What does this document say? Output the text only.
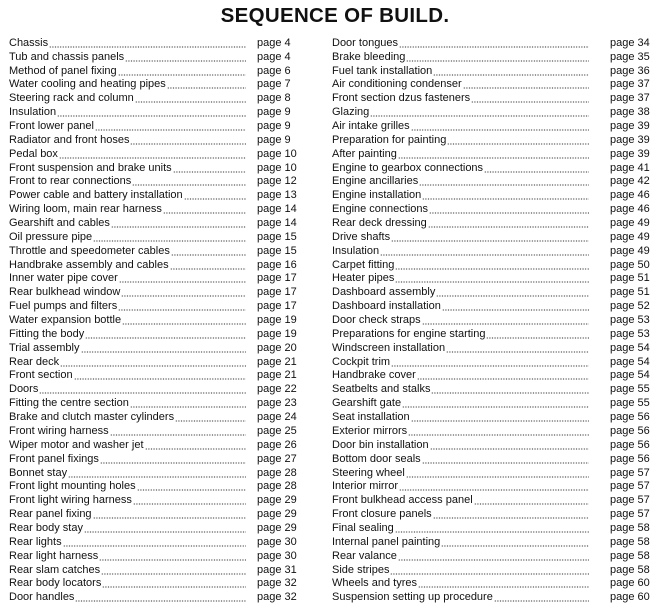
SEQUENCE OF BUILD.
Chassis	page 4
Tub and chassis panels	page 4
Method of panel fixing	page 6
Water cooling and heating pipes	page 7
Steering rack and column	page 8
Insulation	page 9
Front lower panel	page 9
Radiator and front hoses	page 9
Pedal box	page 10
Front suspension and brake units	page 10
Front to rear connections	page 12
Power cable and battery installation	page 13
Wiring loom, main rear harness	page 14
Gearshift and cables	page 14
Oil pressure pipe	page 15
Throttle and speedometer cables	page 15
Handbrake assembly and cables	page 16
Inner water pipe cover	page 17
Rear bulkhead window	page 17
Fuel pumps and filters	page 17
Water expansion bottle	page 19
Fitting the body	page 19
Trial assembly	page 20
Rear deck	page 21
Front section	page 21
Doors	page 22
Fitting the centre section	page 23
Brake and clutch master cylinders	page 24
Front wiring harness	page 25
Wiper motor and washer jet	page 26
Front panel fixings	page 27
Bonnet stay	page 28
Front light mounting holes	page 28
Front light wiring harness	page 29
Rear panel fixing	page 29
Rear body stay	page 29
Rear lights	page 30
Rear light harness	page 30
Rear slam catches	page 31
Rear body locators	page 32
Door handles	page 32
Door tongues	page 34
Brake bleeding	page 35
Fuel tank installation	page 36
Air conditioning condenser	page 37
Front section dzus fasteners	page 37
Glazing	page 38
Air intake grilles	page 39
Preparation for painting	page 39
After painting	page 39
Engine to gearbox connections	page 41
Engine ancillaries	page 42
Engine installation	page 46
Engine connections	page 46
Rear deck dressing	page 49
Drive shafts	page 49
Insulation	page 49
Carpet fitting	page 50
Heater pipes	page 51
Dashboard assembly	page 51
Dashboard installation	page 52
Door check straps	page 53
Preparations for engine starting	page 53
Windscreen installation	page 54
Cockpit trim	page 54
Handbrake cover	page 54
Seatbelts and stalks	page 55
Gearshift gate	page 55
Seat installation	page 56
Exterior mirrors	page 56
Door bin installation	page 56
Bottom door seals	page 56
Steering wheel	page 57
Interior mirror	page 57
Front bulkhead access panel	page 57
Front closure panels	page 57
Final sealing	page 58
Internal panel painting	page 58
Rear valance	page 58
Side stripes	page 58
Wheels and tyres	page 60
Suspension setting up procedure	page 60
